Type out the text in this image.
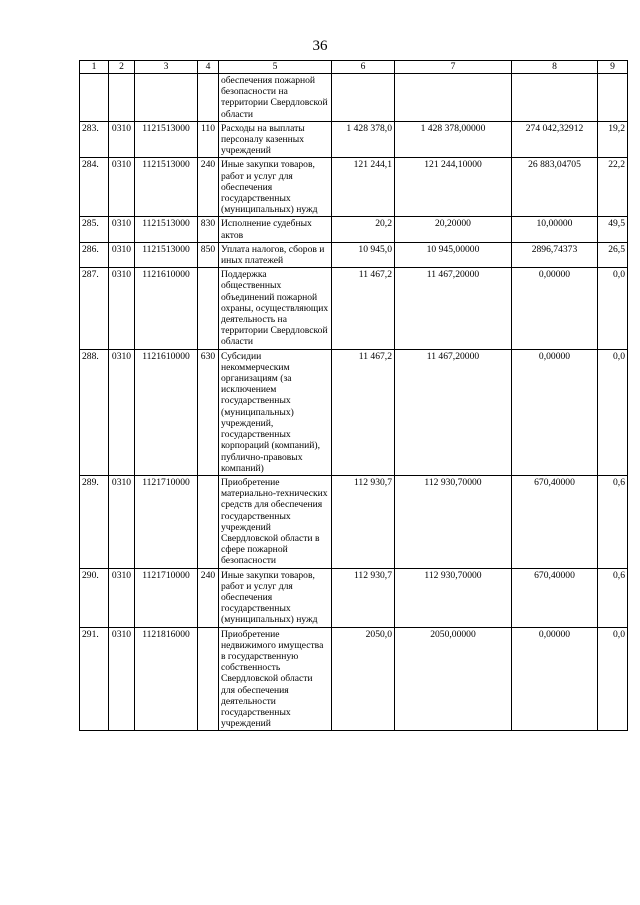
36
1	2	3	4	5	6	7	8	9
				обеспечения пожарной безопасности на территории Свердловской области				
283.	0310	1121513000	110	Расходы на выплаты персоналу казенных учреждений	1 428 378,0	1 428 378,00000	274 042,32912	19,2
284.	0310	1121513000	240	Иные закупки товаров, работ и услуг для обеспечения государственных (муниципальных) нужд	121 244,1	121 244,10000	26 883,04705	22,2
285.	0310	1121513000	830	Исполнение судебных актов	20,2	20,20000	10,00000	49,5
286.	0310	1121513000	850	Уплата налогов, сборов и иных платежей	10 945,0	10 945,00000	2896,74373	26,5
287.	0310	1121610000		Поддержка общественных объединений пожарной охраны, осуществляющих деятельность на территории Свердловской области	11 467,2	11 467,20000	0,00000	0,0
288.	0310	1121610000	630	Субсидии некоммерческим организациям (за исключением государственных (муниципальных) учреждений, государственных корпораций (компаний), публично-правовых компаний)	11 467,2	11 467,20000	0,00000	0,0
289.	0310	1121710000		Приобретение материально-технических средств для обеспечения государственных учреждений Свердловской области в сфере пожарной безопасности	112 930,7	112 930,70000	670,40000	0,6
290.	0310	1121710000	240	Иные закупки товаров, работ и услуг для обеспечения государственных (муниципальных) нужд	112 930,7	112 930,70000	670,40000	0,6
291.	0310	1121816000		Приобретение недвижимого имущества в государственную собственность Свердловской области для обеспечения деятельности государственных учреждений	2050,0	2050,00000	0,00000	0,0
